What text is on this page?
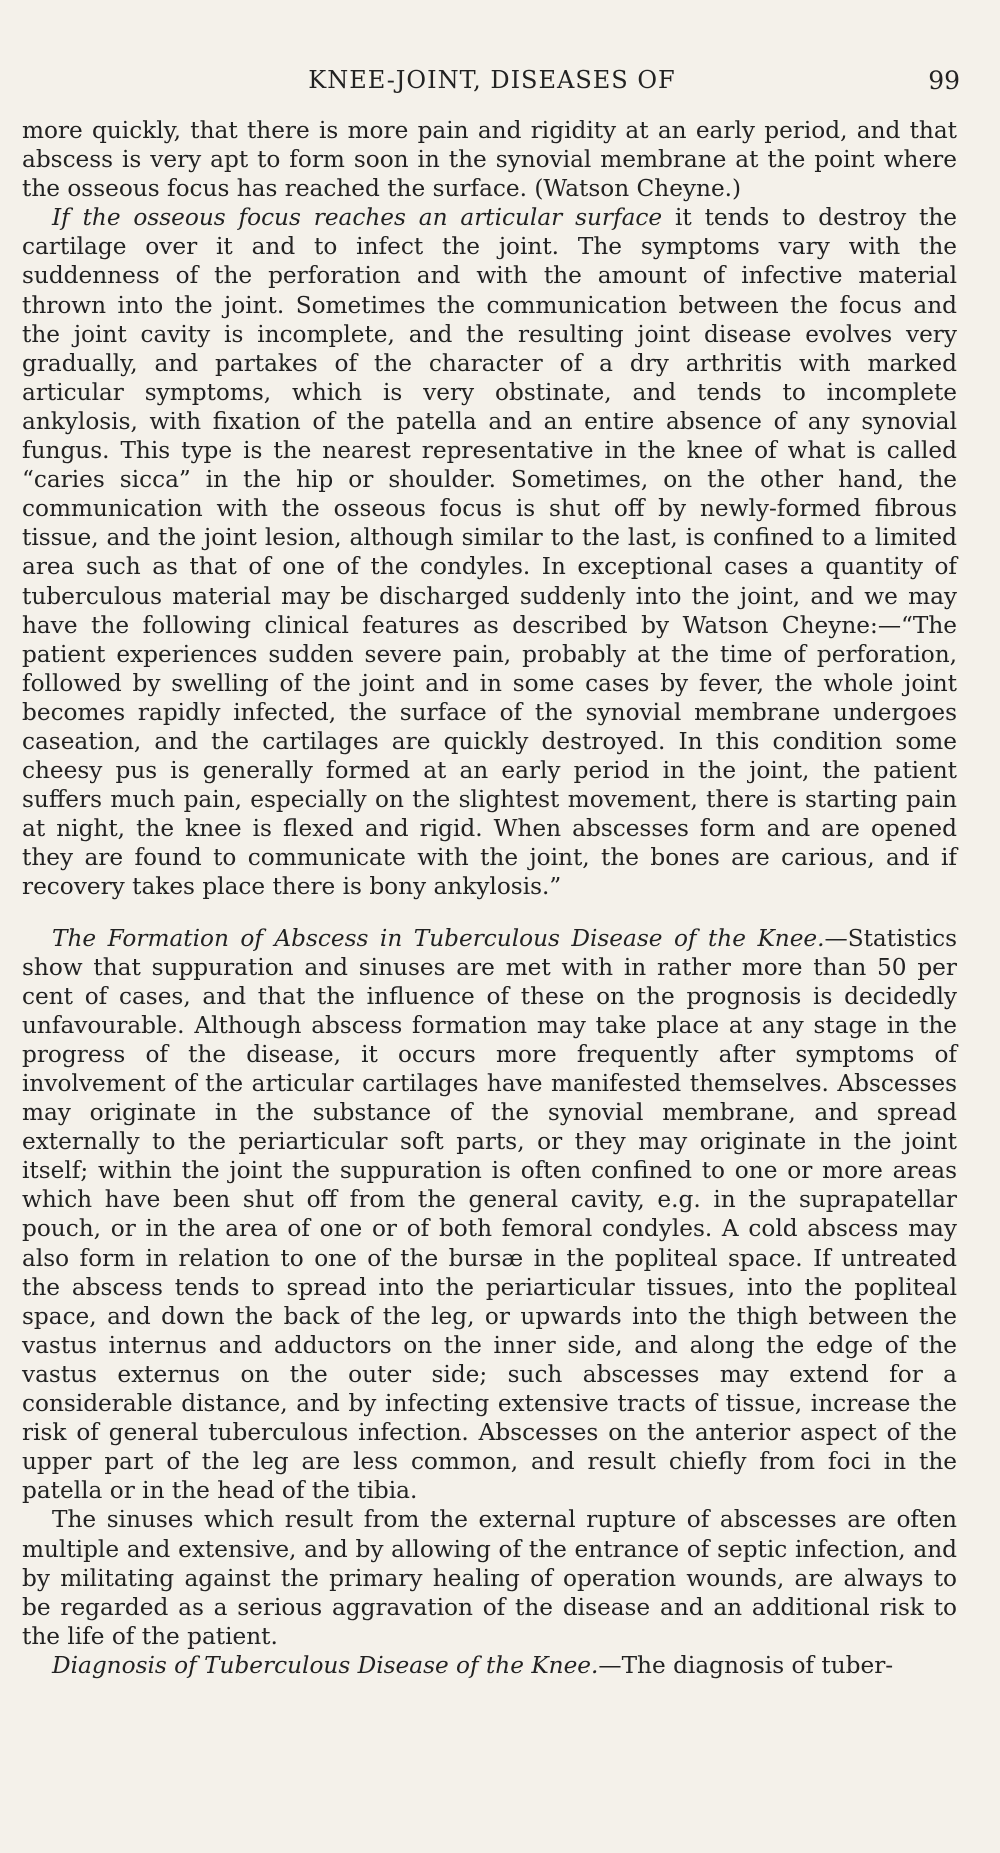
KNEE-JOINT, DISEASES OF	99

more quickly, that there is more pain and rigidity at an early period, and that abscess is very apt to form soon in the synovial membrane at the point where the osseous focus has reached the surface. (Watson Cheyne.)

If the osseous focus reaches an articular surface it tends to destroy the cartilage over it and to infect the joint. The symptoms vary with the suddenness of the perforation and with the amount of infective material thrown into the joint. Sometimes the communication between the focus and the joint cavity is incomplete, and the resulting joint disease evolves very gradually, and partakes of the character of a dry arthritis with marked articular symptoms, which is very obstinate, and tends to incomplete ankylosis, with fixation of the patella and an entire absence of any synovial fungus. This type is the nearest representative in the knee of what is called “caries sicca” in the hip or shoulder. Sometimes, on the other hand, the communication with the osseous focus is shut off by newly-formed fibrous tissue, and the joint lesion, although similar to the last, is confined to a limited area such as that of one of the condyles. In exceptional cases a quantity of tuberculous material may be discharged suddenly into the joint, and we may have the following clinical features as described by Watson Cheyne:—“The patient experiences sudden severe pain, probably at the time of perforation, followed by swelling of the joint and in some cases by fever, the whole joint becomes rapidly infected, the surface of the synovial membrane undergoes caseation, and the cartilages are quickly destroyed. In this condition some cheesy pus is generally formed at an early period in the joint, the patient suffers much pain, especially on the slightest movement, there is starting pain at night, the knee is flexed and rigid. When abscesses form and are opened they are found to communicate with the joint, the bones are carious, and if recovery takes place there is bony ankylosis.”

The Formation of Abscess in Tuberculous Disease of the Knee.—Statistics show that suppuration and sinuses are met with in rather more than 50 per cent of cases, and that the influence of these on the prognosis is decidedly unfavourable. Although abscess formation may take place at any stage in the progress of the disease, it occurs more frequently after symptoms of involvement of the articular cartilages have manifested themselves. Abscesses may originate in the substance of the synovial membrane, and spread externally to the periarticular soft parts, or they may originate in the joint itself; within the joint the suppuration is often confined to one or more areas which have been shut off from the general cavity, e.g. in the suprapatellar pouch, or in the area of one or of both femoral condyles. A cold abscess may also form in relation to one of the bursæ in the popliteal space. If untreated the abscess tends to spread into the periarticular tissues, into the popliteal space, and down the back of the leg, or upwards into the thigh between the vastus internus and adductors on the inner side, and along the edge of the vastus externus on the outer side; such abscesses may extend for a considerable distance, and by infecting extensive tracts of tissue, increase the risk of general tuberculous infection. Abscesses on the anterior aspect of the upper part of the leg are less common, and result chiefly from foci in the patella or in the head of the tibia.

The sinuses which result from the external rupture of abscesses are often multiple and extensive, and by allowing of the entrance of septic infection, and by militating against the primary healing of operation wounds, are always to be regarded as a serious aggravation of the disease and an additional risk to the life of the patient.

Diagnosis of Tuberculous Disease of the Knee.—The diagnosis of tuber-
